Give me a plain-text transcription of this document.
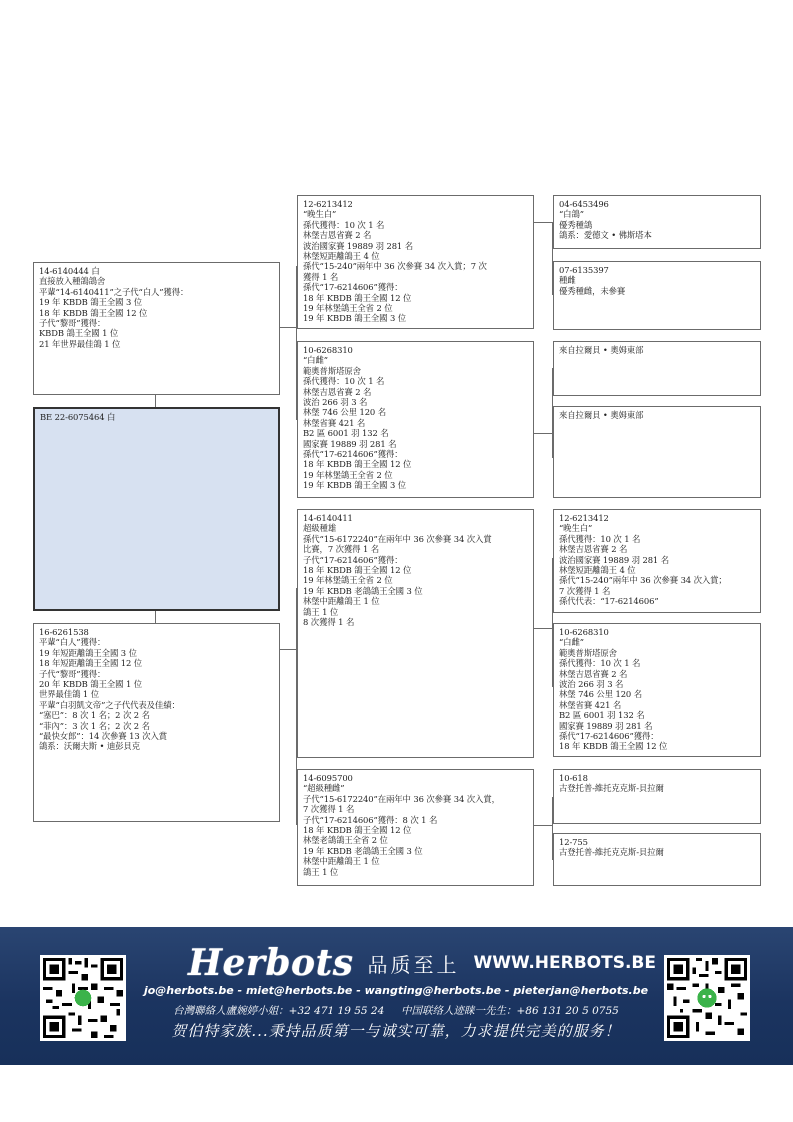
14-6140444 白
直接放入種鴿鴿舍
平輩“14-6140411”之子代“白人”獲得：
19 年 KBDB 鴿王全國 3 位
18 年 KBDB 鴿王全國 12 位
子代“黎哥”獲得：
KBDB 鴿王全國 1 位
21 年世界最佳鴿 1 位
BE 22-6075464 白
16-6261538
平輩“白人”獲得：
19 年短距離鴿王全國 3 位
18 年短距離鴿王全國 12 位
子代“黎哥”獲得：
20 年 KBDB 鴿王全國 1 位
世界最佳鴿 1 位
平輩“白羽凱文帝”之子代代表及佳績：
“塞巴”：8 次 1 名；2 次 2 名
“菲內”：3 次 1 名；2 次 2 名
“最快女郎”：14 次參賽 13 次入賞
鴿系：沃爾夫斯 • 迪彭貝克
12-6213412
“晚生白”
孫代獲得：10 次 1 名
林堡吉恩省賽 2 名
波治國家賽 19889 羽 281 名
林堡短距離鴿王 4 位
孫代“15-240”兩年中 36 次參賽 34 次入賞；7 次
獲得 1 名
孫代“17-6214606”獲得：
18 年 KBDB 鴿王全國 12 位
19 年林堡鴿王全省 2 位
19 年 KBDB 鴿王全國 3 位
10-6268310
“白雌”
範奧普斯塔原舍
孫代獲得：10 次 1 名
林堡吉恩省賽 2 名
波治 266 羽 3 名
林堡 746 公里 120 名
林堡省賽 421 名
B2 區 6001 羽 132 名
國家賽 19889 羽 281 名
孫代“17-6214606”獲得：
18 年 KBDB 鴿王全國 12 位
19 年林堡鴿王全省 2 位
19 年 KBDB 鴿王全國 3 位
14-6140411
超級種雄
孫代“15-6172240”在兩年中 36 次參賽 34 次入賞
比賽，7 次獲得 1 名
子代“17-6214606”獲得：
18 年 KBDB 鴿王全國 12 位
19 年林堡鴿王全省 2 位
19 年 KBDB 老鴿鴿王全國 3 位
林堡中距離鴿王 1 位
鴿王 1 位
8 次獲得 1 名
14-6095700
“超級種雌”
子代“15-6172240”在兩年中 36 次參賽 34 次入賞，
7 次獲得 1 名
子代“17-6214606”獲得：8 次 1 名
18 年 KBDB 鴿王全國 12 位
林堡老鴿鴿王全省 2 位
19 年 KBDB 老鴿鴿王全國 3 位
林堡中距離鴿王 1 位
鴿王 1 位
04-6453496
“白鴿”
優秀種鴿
鴿系：愛德文 • 佛斯塔本
07-6135397
種雌
優秀種雌，未參賽
來自拉爾貝 • 奧姆東部
來自拉爾貝 • 奧姆東部
12-6213412
“晚生白”
孫代獲得：10 次 1 名
林堡吉恩省賽 2 名
波治國家賽 19889 羽 281 名
林堡短距離鴿王 4 位
孫代“15-240”兩年中 36 次參賽 34 次入賞；
7 次獲得 1 名
孫代代表：“17-6214606”
10-6268310
“白雌”
範奧普斯塔原舍
孫代獲得：10 次 1 名
林堡吉恩省賽 2 名
波治 266 羽 3 名
林堡 746 公里 120 名
林堡省賽 421 名
B2 區 6001 羽 132 名
國家賽 19889 羽 281 名
孫代“17-6214606”獲得：
18 年 KBDB 鴿王全國 12 位
10-618
古登托普-維托克克斯-貝拉爾
12-755
古登托普-維托克克斯-貝拉爾
Herbots 品质至上 WWW.HERBOTS.BE
jo@herbots.be - miet@herbots.be - wangting@herbots.be - pieterjan@herbots.be
台灣聯絡人盧婉婷小姐：+32 471 19 55 24 中国联络人迹睐一先生：+86 131 20 5 0755
贺伯特家族...秉持品质第一与诚实可靠，力求提供完美的服务！
